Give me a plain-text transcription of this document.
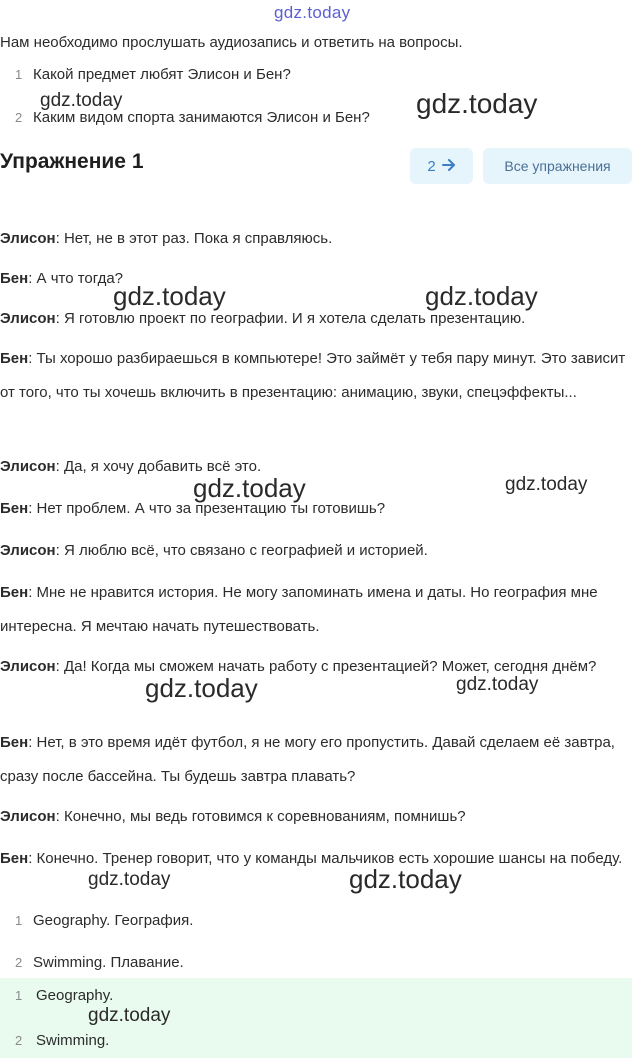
gdz.today
Нам необходимо прослушать аудиозапись и ответить на вопросы.
1 Какой предмет любят Элисон и Бен?
2 Каким видом спорта занимаются Элисон и Бен?
Упражнение 1	2	Все упражнения
Элисон: Нет, не в этот раз. Пока я справляюсь.
Бен: А что тогда?
Элисон: Я готовлю проект по географии. И я хотела сделать презентацию.
Бен: Ты хорошо разбираешься в компьютере! Это займёт у тебя пару минут. Это зависит от того, что ты хочешь включить в презентацию: анимацию, звуки, спецэффекты...
Элисон: Да, я хочу добавить всё это.
Бен: Нет проблем. А что за презентацию ты готовишь?
Элисон: Я люблю всё, что связано с географией и историей.
Бен: Мне не нравится история. Не могу запоминать имена и даты. Но география мне интересна. Я мечтаю начать путешествовать.
Элисон: Да! Когда мы сможем начать работу с презентацией? Может, сегодня днём?
Бен: Нет, в это время идёт футбол, я не могу его пропустить. Давай сделаем её завтра, сразу после бассейна. Ты будешь завтра плавать?
Элисон: Конечно, мы ведь готовимся к соревнованиям, помнишь?
Бен: Конечно. Тренер говорит, что у команды мальчиков есть хорошие шансы на победу.
1 Geography. География.
2 Swimming. Плавание.
1 Geography.
2 Swimming.
gdz.today	gdz.today
gdz.today	gdz.today
gdz.today	gdz.today
gdz.today	gdz.today
gdz.today	gdz.today
gdz.today
